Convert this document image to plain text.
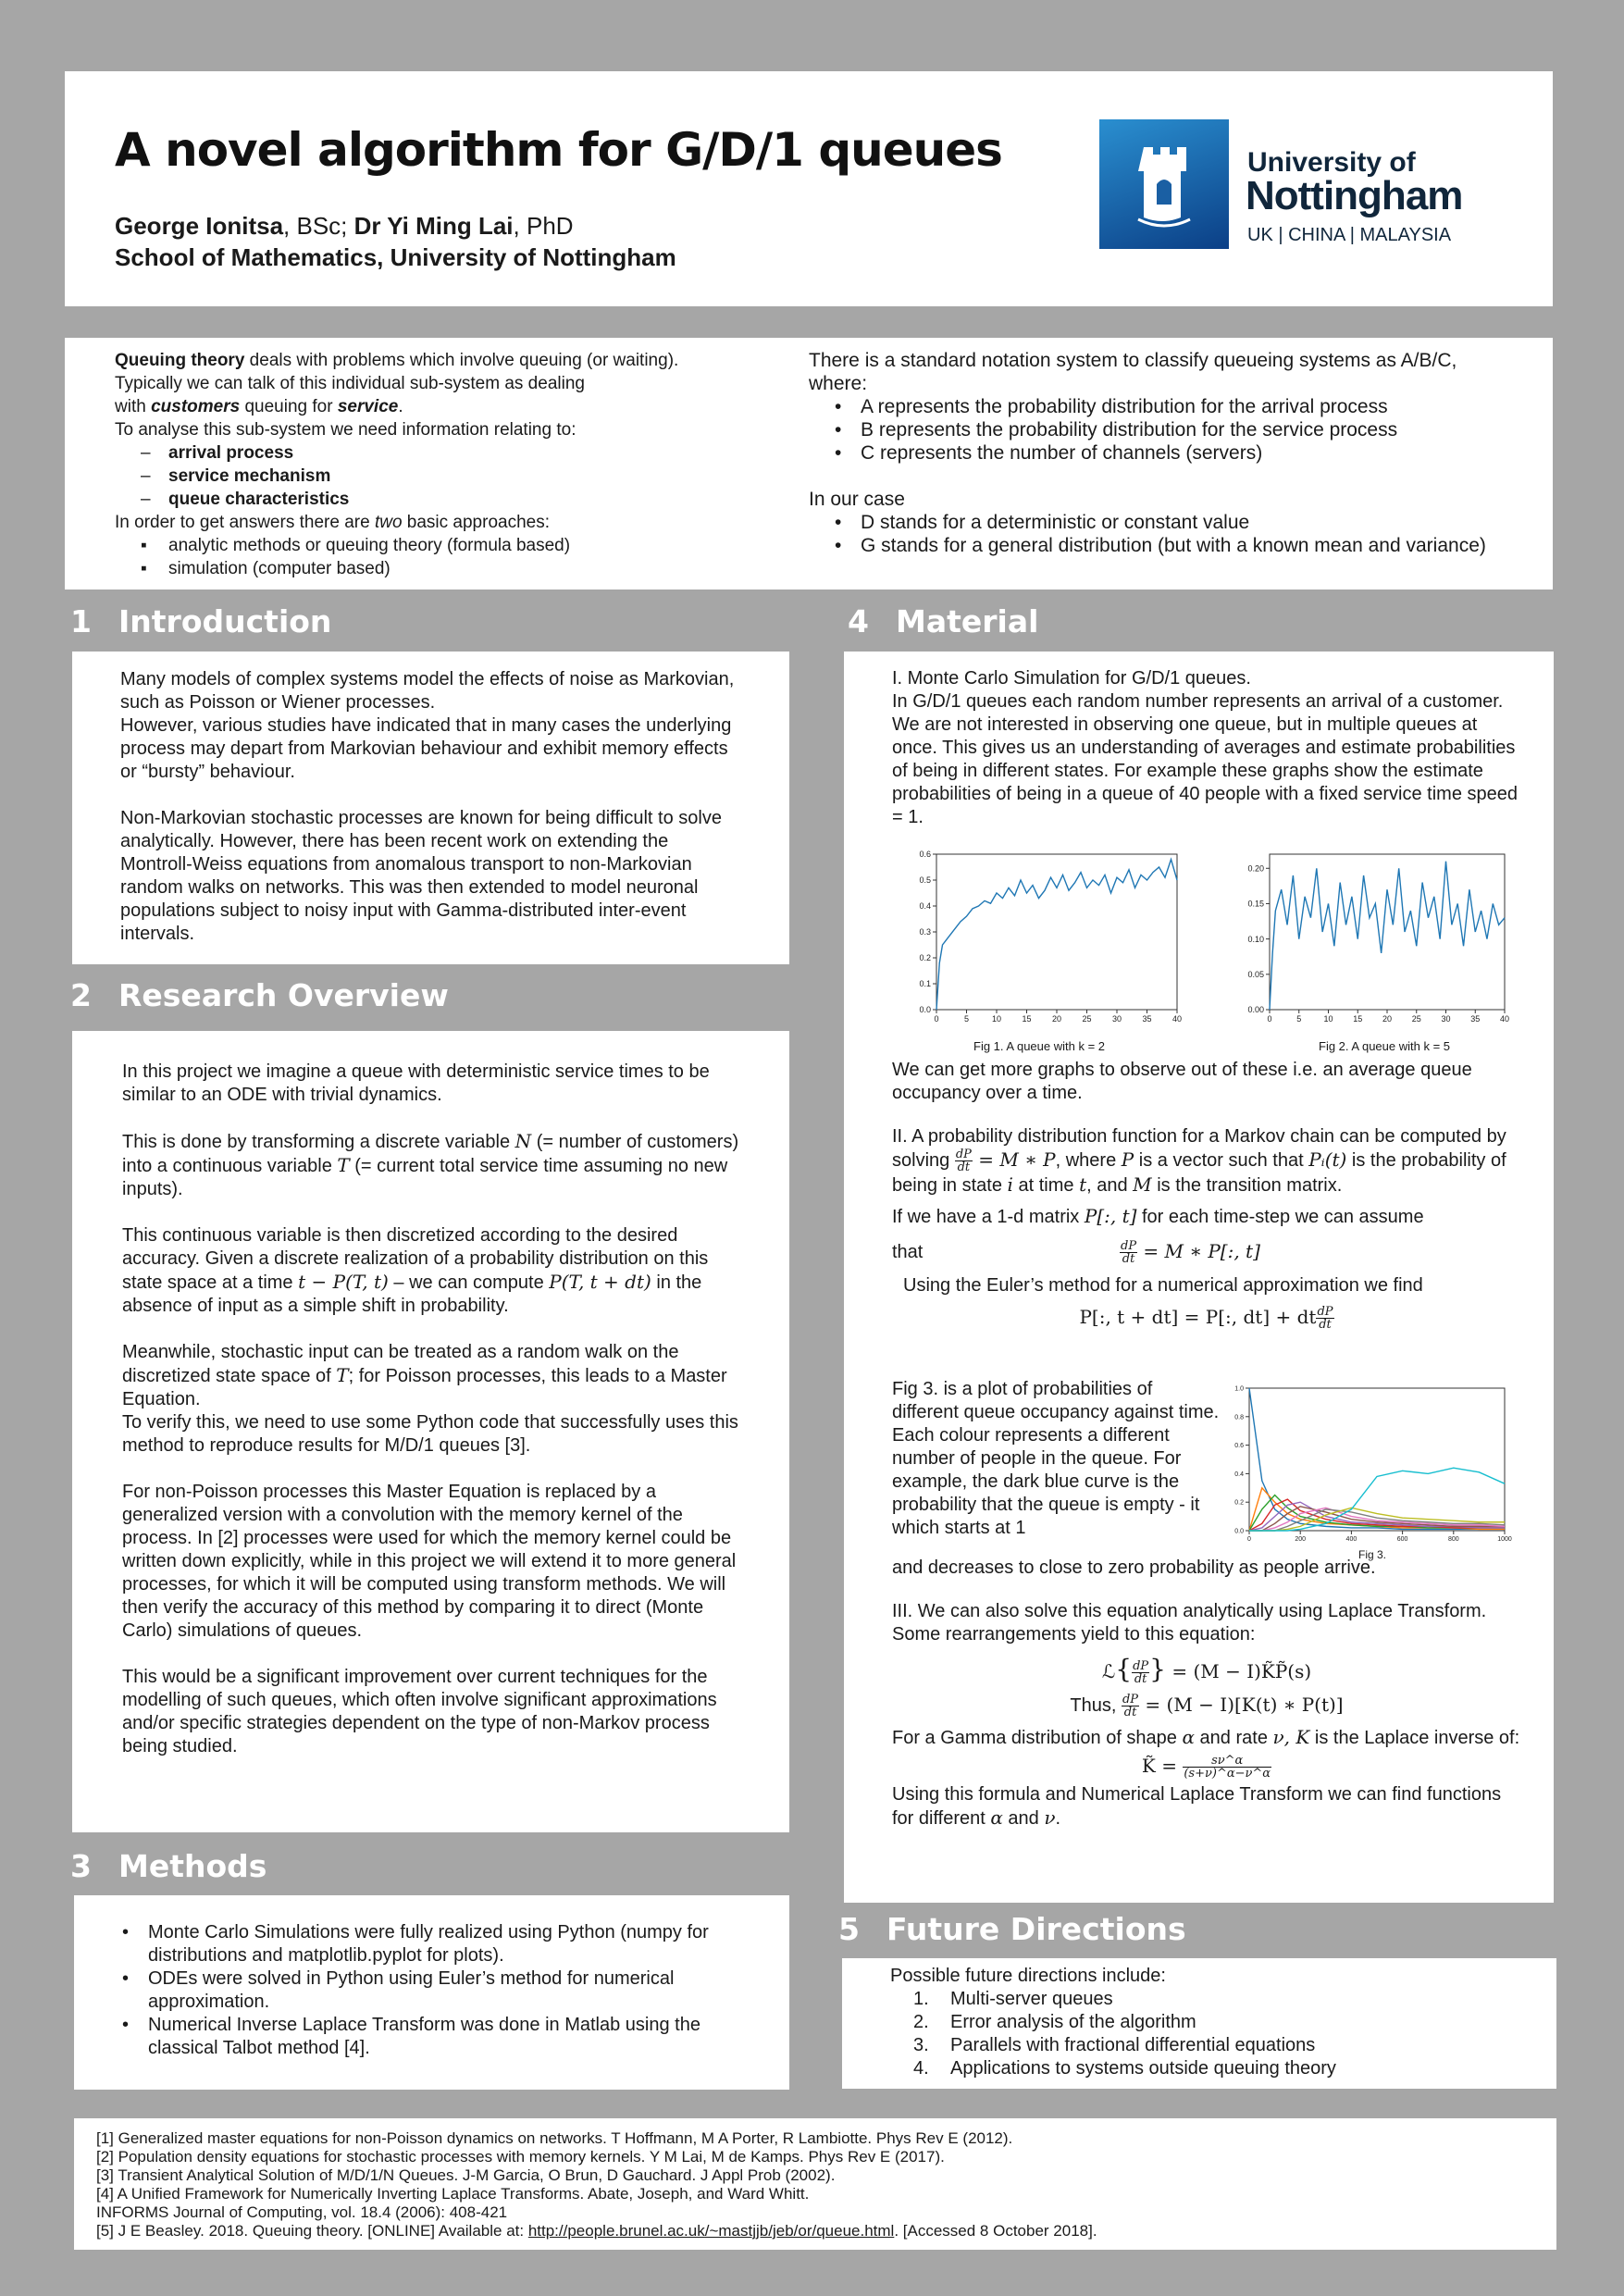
A novel algorithm for G/D/1 queues
George Ionitsa, BSc; Dr Yi Ming Lai, PhD
School of Mathematics, University of Nottingham
University of
Nottingham
UK | CHINA | MALAYSIA

Queuing theory deals with problems which involve queuing (or waiting).

Typically we can talk of this individual sub-system as dealing

with customers queuing for service.

To analyse this sub-system we need information relating to:

– arrival process
– service mechanism
– queue characteristics

In order to get answers there are two basic approaches:

▪ analytic methods or queuing theory (formula based)
▪ simulation (computer based)

There is a standard notation system to classify queueing systems as A/B/C, where:

• A represents the probability distribution for the arrival process
• B represents the probability distribution for the service process
• C represents the number of channels (servers)

In our case

• D stands for a deterministic or constant value
• G stands for a general distribution (but with a known mean and variance)
1 Introduction
2 Research Overview
3 Methods
4 Material
5 Future Directions

Many models of complex systems model the effects of noise as Markovian, such as Poisson or Wiener processes.

However, various studies have indicated that in many cases the underlying process may depart from Markovian behaviour and exhibit memory effects or “bursty” behaviour.

Non-Markovian stochastic processes are known for being difficult to solve analytically. However, there has been recent work on extending the Montroll-Weiss equations from anomalous transport to non-Markovian random walks on networks. This was then extended to model neuronal populations subject to noisy input with Gamma-distributed inter-event intervals.

In this project we imagine a queue with deterministic service times to be similar to an ODE with trivial dynamics.

This is done by transforming a discrete variable N (= number of customers) into a continuous variable T (= current total service time assuming no new inputs).

This continuous variable is then discretized according to the desired accuracy. Given a discrete realization of a probability distribution on this state space at a time t − P(T, t) – we can compute P(T, t + dt) in the absence of input as a simple shift in probability.

Meanwhile, stochastic input can be treated as a random walk on the discretized state space of T; for Poisson processes, this leads to a Master Equation.

To verify this, we need to use some Python code that successfully uses this method to reproduce results for M/D/1 queues [3].

For non-Poisson processes this Master Equation is replaced by a generalized version with a convolution with the memory kernel of the process. In [2] processes were used for which the memory kernel could be written down explicitly, while in this project we will extend it to more general processes, for which it will be computed using transform methods. We will then verify the accuracy of this method by comparing it to direct (Monte Carlo) simulations of queues.

This would be a significant improvement over current techniques for the modelling of such queues, which often involve significant approximations and/or specific strategies dependent on the type of non-Markov process being studied.

•	Monte Carlo Simulations were fully realized using Python (numpy for distributions and matplotlib.pyplot for plots).
•	ODEs were solved in Python using Euler’s method for numerical approximation.
•	Numerical Inverse Laplace Transform was done in Matlab using the classical Talbot method [4].

I. Monte Carlo Simulation for G/D/1 queues.

In G/D/1 queues each random number represents an arrival of a customer. We are not interested in observing one queue, but in multiple queues at once. This gives us an understanding of averages and estimate probabilities of being in different states. For example these graphs show the estimate probabilities of being in a queue of 40 people with a fixed service time speed = 1.

0	5	10 15 20 25 30 35 40
0.0
0.1
0.2
0.3
0.4
0.5
0.6
Fig 1. A queue with k = 2
0	5	10 15 20 25 30 35 40
0.00
0.05
0.10
0.15
0.20
Fig 2. A queue with k = 5

We can get more graphs to observe out of these i.e. an average queue occupancy over a time.

II. A probability distribution function for a Markov chain can be computed by solving $\frac{dP}{dt} = M$ ∗ P, where P is a vector such that Pᵢ(t) is the probability of being in state i at time t, and M is the transition matrix.

If we have a 1-d matrix P[:, t] for each time-step we can assume

that	$\frac{dP}{dt} = M$ ∗ P[:, t]

Using the Euler’s method for a numerical approximation we find

P[:, t + dt] = P[:, dt] + dt $\frac{dP}{dt}$
Fig 3. is a plot of probabilities of different queue occupancy against time. Each colour represents a different number of people in the queue. For example, the dark blue curve is the probability that the queue is empty - it which starts at 1
0	200	400	600	800	1000
0.0
0.2
0.4
0.6
0.8
1.0
Fig 3.

and decreases to close to zero probability as people arrive.

III. We can also solve this equation analytically using Laplace Transform.

Some rearrangements yield to this equation:

ℒ{ $\frac{dP}{dt}$ } = (M − I)K̃P̃(s)
Thus, $\frac{dP}{dt} = (M - I)[K(t)$ ∗ P(t)]

For a Gamma distribution of shape α and rate ν, K is the Laplace inverse of:

K̃ = $\frac{s\nu\^{}\alpha}{(s+\nu)\^{}\alpha-\nu\^{}\alpha}$

Using this formula and Numerical Laplace Transform we can find functions for different α and ν.

Possible future directions include:

1. Multi-server queues
2. Error analysis of the algorithm
3. Parallels with fractional differential equations
4. Applications to systems outside queuing theory

[1] Generalized master equations for non-Poisson dynamics on networks. T Hoffmann, M A Porter, R Lambiotte. Phys Rev E (2012).

[2] Population density equations for stochastic processes with memory kernels. Y M Lai, M de Kamps. Phys Rev E (2017).

[3] Transient Analytical Solution of M/D/1/N Queues. J-M Garcia, O Brun, D Gauchard. J Appl Prob (2002).

[4] A Unified Framework for Numerically Inverting Laplace Transforms. Abate, Joseph, and Ward Whitt.

INFORMS Journal of Computing, vol. 18.4 (2006): 408-421

[5] J E Beasley. 2018. Queuing theory. [ONLINE] Available at: http://people.brunel.ac.uk/~mastjjb/jeb/or/queue.html. [Accessed 8 October 2018].
